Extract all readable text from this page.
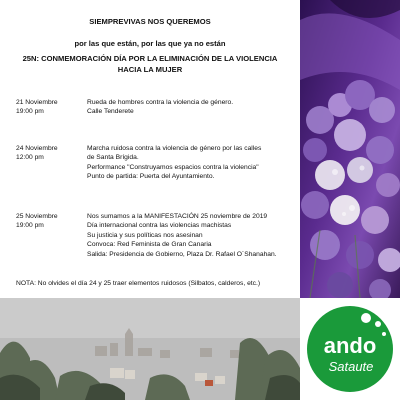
SIEMPREVIVAS NOS QUEREMOS
por las que están, por las que ya no están
25N: CONMEMORACIÓN DÍA POR LA ELIMINACIÓN DE LA VIOLENCIA
HACIA LA MUJER
21 Noviembre
19:00 pm
Rueda de hombres contra la violencia de género.
Calle Tenderete
24 Noviembre
12:00 pm
Marcha ruidosa contra la violencia de género por las calles
de Santa Brígida.
Performance "Construyamos espacios contra la violencia"
Punto de partida: Puerta del Ayuntamiento.
25 Noviembre
19:00 pm
Nos sumamos a la MANIFESTACIÓN 25 noviembre de 2019
Día internacional contra las violencias machistas
Su justicia y sus políticas nos asesinan
Convoca: Red Feminista de Gran Canaria
Salida: Presidencia de Gobierno, Plaza Dr. Rafael O´Shanahan.
NOTA: No olvides el día 24 y 25 traer elementos ruidosos (Silbatos, calderos, etc.)
ando
Sataute
